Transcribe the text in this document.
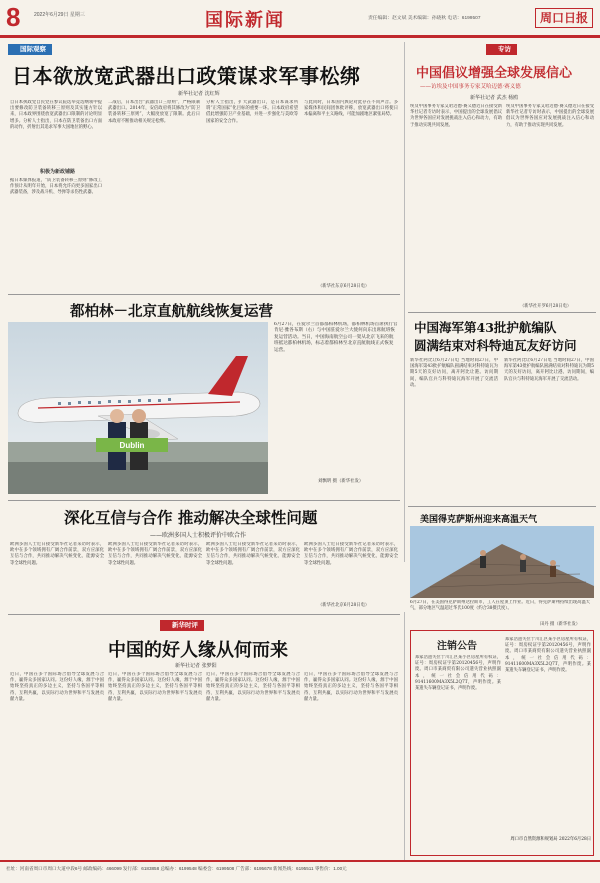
8	2022年6月29日 星期三	国际新闻	责任编辑：赵文斌 美术编辑：孙晓秋 电话：6199507	周口日报
国际观察
日本欲放宽武器出口政策谋求军事松绑
新华社记者 沈红辉
自日本执政党自民党在参议院选举竞选纲领中提出要修改防卫装备转移三原则及其实施方针以来，日本政界围绕放宽武器出口限制的讨论明显增多。分析人士指出，日本在防卫装备出口方面的动作，折射出其追求军事大国地位的野心。
积极为新政铺路
据日本媒体报道，“防卫装备转移三原则”修改工作预计从明年开始，日本将允许向更多国家出口武器装备，涉及战斗机、导弹等杀伤性武器。
二战后，日本出台“武器出口三原则”，严格限制武器出口。2014年，安倍政府将其修改为“防卫装备转移三原则”，大幅度放宽了限制。此后日本政府不断推动相关规定松绑。
分析人士指出，扩大武器出口，是日本谋求所谓“正常国家”化目标的重要一环。日本政府希望借此增强防卫产业基础，并进一步强化与美欧等国家的安全合作。
与此同时，日本国内舆论对此存在不同声音。多家媒体和民间团体批评称，放宽武器出口将使日本偏离和平主义路线，可能加剧地区紧张局势。
（新华社东京6月28日电）
都柏林－北京直航航线恢复运营
Dublin
6月27日，在爱尔兰首都都柏林机场，都柏林机场首席执行官肯尼·雅各布斯（右）与中国驻爱尔兰大使何向东出席航班恢复运营活动。当日，中国海南航空公司一架从北京飞来的航班抵达都柏林机场，标志着都柏林至北京直航航线正式恢复运营。
刘飘明 摄（新华社发）
深化互信与合作 推动解决全球性问题
——欧洲多国人士积极评价中欧合作
欧洲多国人士近日接受新华社记者采访时表示，欧中在多个领域拥有广阔合作前景，双方应深化互信与合作，共同推动解决气候变化、能源安全等全球性问题。
欧洲多国人士近日接受新华社记者采访时表示，欧中在多个领域拥有广阔合作前景，双方应深化互信与合作，共同推动解决气候变化、能源安全等全球性问题。
欧洲多国人士近日接受新华社记者采访时表示，欧中在多个领域拥有广阔合作前景，双方应深化互信与合作，共同推动解决气候变化、能源安全等全球性问题。
欧洲多国人士近日接受新华社记者采访时表示，欧中在多个领域拥有广阔合作前景，双方应深化互信与合作，共同推动解决气候变化、能源安全等全球性问题。
（新华社北京6月28日电）
新华时评
中国的好人缘从何而来
新华社记者 张梦阳
近日，中国在多个国际场合倡导全球发展与合作，赢得众多国家认同。这份好人缘，源于中国始终坚持真正的多边主义，坚持与各国平等相待、互利共赢，以实际行动为世界和平与发展贡献力量。
近日，中国在多个国际场合倡导全球发展与合作，赢得众多国家认同。这份好人缘，源于中国始终坚持真正的多边主义，坚持与各国平等相待、互利共赢，以实际行动为世界和平与发展贡献力量。
近日，中国在多个国际场合倡导全球发展与合作，赢得众多国家认同。这份好人缘，源于中国始终坚持真正的多边主义，坚持与各国平等相待、互利共赢，以实际行动为世界和平与发展贡献力量。
近日，中国在多个国际场合倡导全球发展与合作，赢得众多国家认同。这份好人缘，源于中国始终坚持真正的多边主义，坚持与各国平等相待、互利共赢，以实际行动为世界和平与发展贡献力量。
专访
中国倡议增强全球发展信心
——访埃及中国事务专家艾哈迈德·赛义德
新华社记者 武杰 杨鸥
埃及中国事务专家艾哈迈德·赛义德近日在接受新华社记者专访时表示，中国提出的全球发展倡议为世界各国应对发展挑战注入信心和动力，有助于推动实现共同发展。
埃及中国事务专家艾哈迈德·赛义德近日在接受新华社记者专访时表示，中国提出的全球发展倡议为世界各国应对发展挑战注入信心和动力，有助于推动实现共同发展。
（新华社开罗6月28日电）
中国海军第43批护航编队
圆满结束对科特迪瓦友好访问
新华社阿比让6月27日电 当地时间27日，中国海军第43批护航编队圆满结束对科特迪瓦为期5天的友好访问，离开阿比让港。访问期间，编队官兵与科特迪瓦海军开展了交流活动。
新华社阿比让6月27日电 当地时间27日，中国海军第43批护航编队圆满结束对科特迪瓦为期5天的友好访问，离开阿比让港。访问期间，编队官兵与科特迪瓦海军开展了交流活动。
美国得克萨斯州迎来高温天气
6月27日，在美国得克萨斯州达拉斯市，工人在屋顶上作业。近日，得克萨斯州持续出现高温天气，部分地区气温超过华氏100度（约合38摄氏度）。
田丹 摄（新华社发）
注销公告
郑家浩遗失位于川汇区某小区房屋所有权证，证号：周房权证字第20120456号，声明作废。周口市某商贸有限公司遗失营业执照副本，统一社会信用代码：91411600MA3X5L2Q7T，声明作废。某某遗失车辆登记证书，声明作废。
郑家浩遗失位于川汇区某小区房屋所有权证，证号：周房权证字第20120456号，声明作废。周口市某商贸有限公司遗失营业执照副本，统一社会信用代码：91411600MA3X5L2Q7T，声明作废。某某遗失车辆登记证书，声明作废。
周口市自然资源和规划局 2022年6月28日
社址：河南省周口市周口大道中段6号 邮政编码：466099 发行部：6183858 总编办：6199548 编委会：6199508 广告部：6195678 新闻热线：6195511 零售价：1.00元
